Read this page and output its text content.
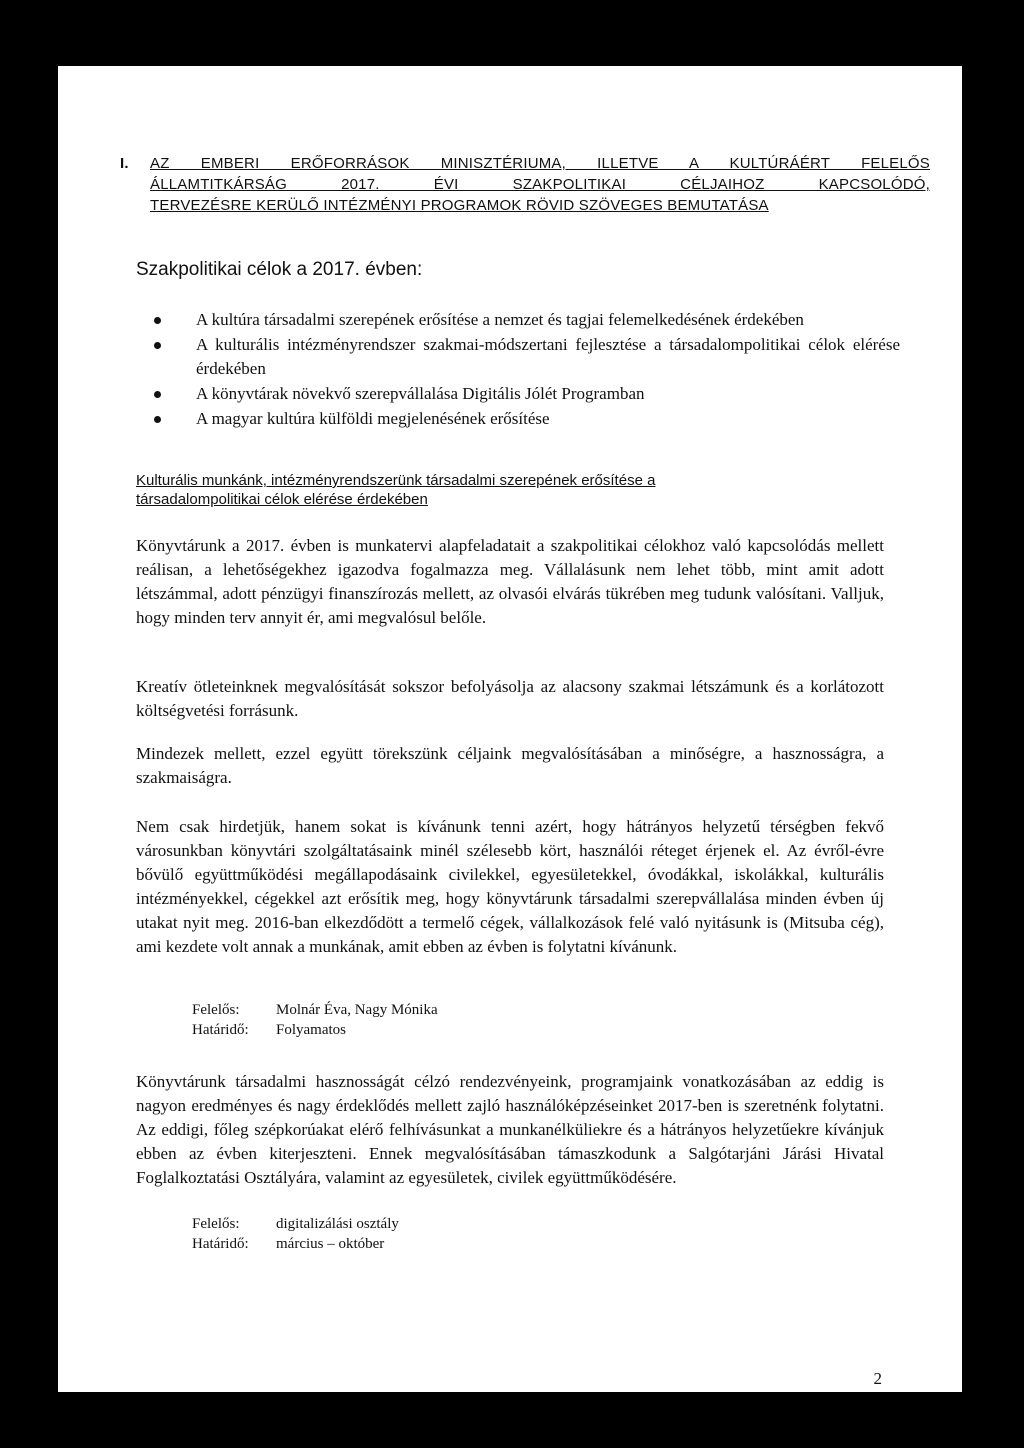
I. AZ EMBERI ERŐFORRÁSOK MINISZTÉRIUMA, ILLETVE A KULTÚRÁÉRT FELELŐS
ÁLLAMTITKÁRSÁG 2017. ÉVI SZAKPOLITIKAI CÉLJAIHOZ KAPCSOLÓDÓ,
TERVEZÉSRE KERÜLŐ INTÉZMÉNYI PROGRAMOK RÖVID SZÖVEGES BEMUTATÁSA
Szakpolitikai célok a 2017. évben:
A kultúra társadalmi szerepének erősítése a nemzet és tagjai felemelkedésének érdekében
A kulturális intézményrendszer szakmai-módszertani fejlesztése a társadalompolitikai célok elérése érdekében
A könyvtárak növekvő szerepvállalása Digitális Jólét Programban
A magyar kultúra külföldi megjelenésének erősítése
Kulturális munkánk, intézményrendszerünk társadalmi szerepének erősítése a társadalompolitikai célok elérése érdekében

Könyvtárunk a 2017. évben is munkatervi alapfeladatait a szakpolitikai célokhoz való kapcsolódás mellett reálisan, a lehetőségekhez igazodva fogalmazza meg. Vállalásunk nem lehet több, mint amit adott létszámmal, adott pénzügyi finanszírozás mellett, az olvasói elvárás tükrében meg tudunk valósítani. Valljuk, hogy minden terv annyit ér, ami megvalósul belőle.

Kreatív ötleteinknek megvalósítását sokszor befolyásolja az alacsony szakmai létszámunk és a korlátozott költségvetési forrásunk.

Mindezek mellett, ezzel együtt törekszünk céljaink megvalósításában a minőségre, a hasznosságra, a szakmaiságra.

Nem csak hirdetjük, hanem sokat is kívánunk tenni azért, hogy hátrányos helyzetű térségben fekvő városunkban könyvtári szolgáltatásaink minél szélesebb kört, használói réteget érjenek el. Az évről-évre bővülő együttműködési megállapodásaink civilekkel, egyesületekkel, óvodákkal, iskolákkal, kulturális intézményekkel, cégekkel azt erősítik meg, hogy könyvtárunk társadalmi szerepvállalása minden évben új utakat nyit meg. 2016-ban elkezdődött a termelő cégek, vállalkozások felé való nyitásunk is (Mitsuba cég), ami kezdete volt annak a munkának, amit ebben az évben is folytatni kívánunk.

Felelős:	Molnár Éva, Nagy Mónika
Határidő:	Folyamatos

Könyvtárunk társadalmi hasznosságát célzó rendezvényeink, programjaink vonatkozásában az eddig is nagyon eredményes és nagy érdeklődés mellett zajló használóképzéseinket 2017-ben is szeretnénk folytatni. Az eddigi, főleg szépkorúakat elérő felhívásunkat a munkanélküliekre és a hátrányos helyzetűekre kívánjuk ebben az évben kiterjeszteni. Ennek megvalósításában támaszkodunk a Salgótarjáni Járási Hivatal Foglalkoztatási Osztályára, valamint az egyesületek, civilek együttműködésére.

Felelős:	digitalizálási osztály
Határidő:	március – október
2
